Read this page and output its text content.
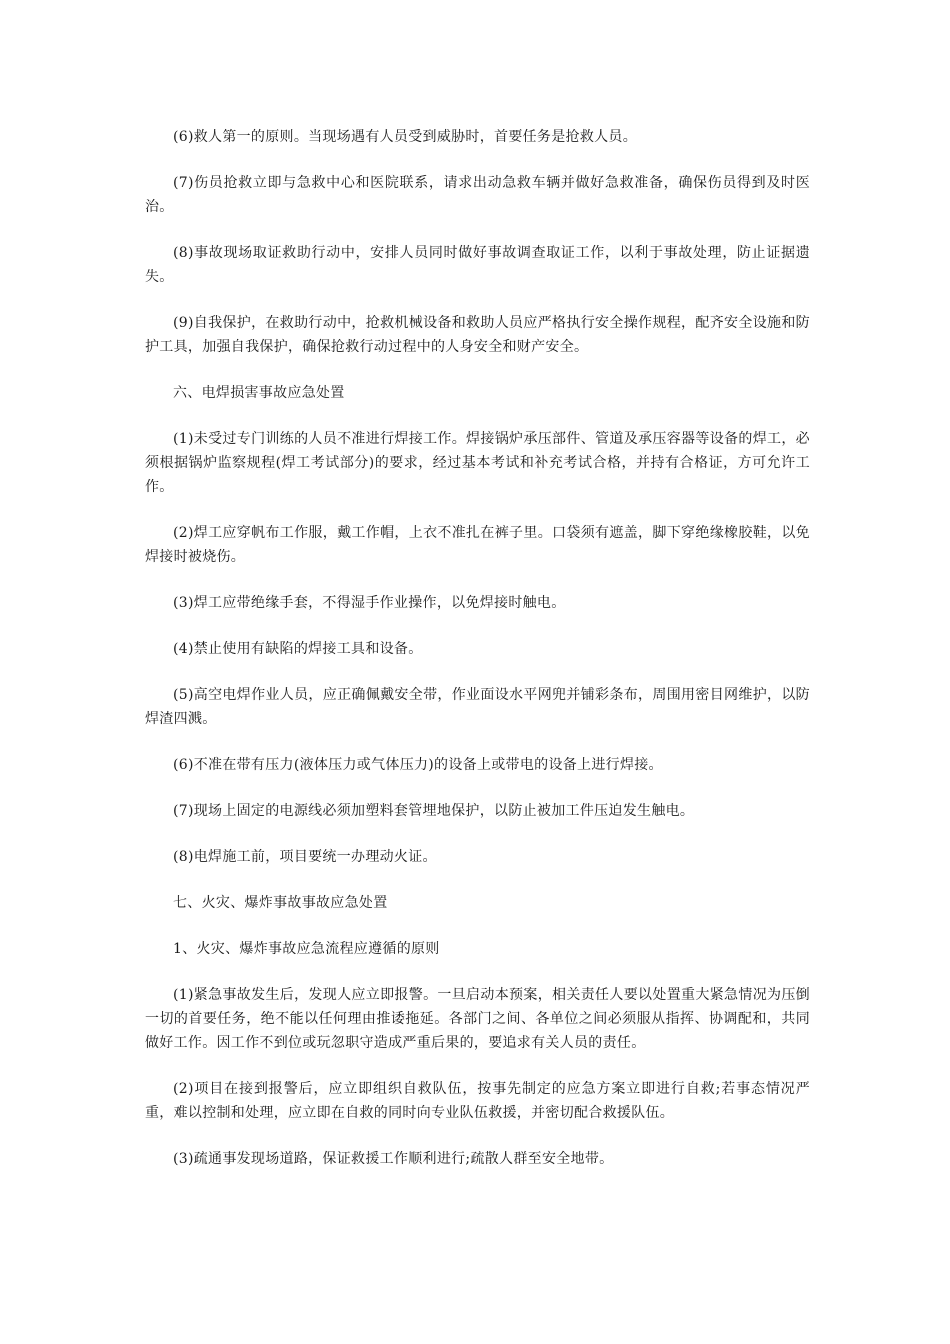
(6)救人第一的原则。当现场遇有人员受到威胁时，首要任务是抢救人员。

(7)伤员抢救立即与急救中心和医院联系，请求出动急救车辆并做好急救准备，确保伤员得到及时医治。

(8)事故现场取证救助行动中，安排人员同时做好事故调查取证工作，以利于事故处理，防止证据遗失。

(9)自我保护，在救助行动中，抢救机械设备和救助人员应严格执行安全操作规程，配齐安全设施和防护工具，加强自我保护，确保抢救行动过程中的人身安全和财产安全。

六、电焊损害事故应急处置

(1)未受过专门训练的人员不准进行焊接工作。焊接锅炉承压部件、管道及承压容器等设备的焊工，必须根据锅炉监察规程(焊工考试部分)的要求，经过基本考试和补充考试合格，并持有合格证，方可允许工作。

(2)焊工应穿帆布工作服，戴工作帽，上衣不准扎在裤子里。口袋须有遮盖，脚下穿绝缘橡胶鞋，以免焊接时被烧伤。

(3)焊工应带绝缘手套，不得湿手作业操作，以免焊接时触电。

(4)禁止使用有缺陷的焊接工具和设备。

(5)高空电焊作业人员，应正确佩戴安全带，作业面设水平网兜并铺彩条布，周围用密目网维护，以防焊渣四溅。

(6)不准在带有压力(液体压力或气体压力)的设备上或带电的设备上进行焊接。

(7)现场上固定的电源线必须加塑料套管埋地保护，以防止被加工件压迫发生触电。

(8)电焊施工前，项目要统一办理动火证。

七、火灾、爆炸事故事故应急处置

1、火灾、爆炸事故应急流程应遵循的原则

(1)紧急事故发生后，发现人应立即报警。一旦启动本预案，相关责任人要以处置重大紧急情况为压倒一切的首要任务，绝不能以任何理由推诿拖延。各部门之间、各单位之间必须服从指挥、协调配和，共同做好工作。因工作不到位或玩忽职守造成严重后果的，要追求有关人员的责任。

(2)项目在接到报警后，应立即组织自救队伍，按事先制定的应急方案立即进行自救;若事态情况严重，难以控制和处理，应立即在自救的同时向专业队伍救援，并密切配合救援队伍。

(3)疏通事发现场道路，保证救援工作顺利进行;疏散人群至安全地带。
